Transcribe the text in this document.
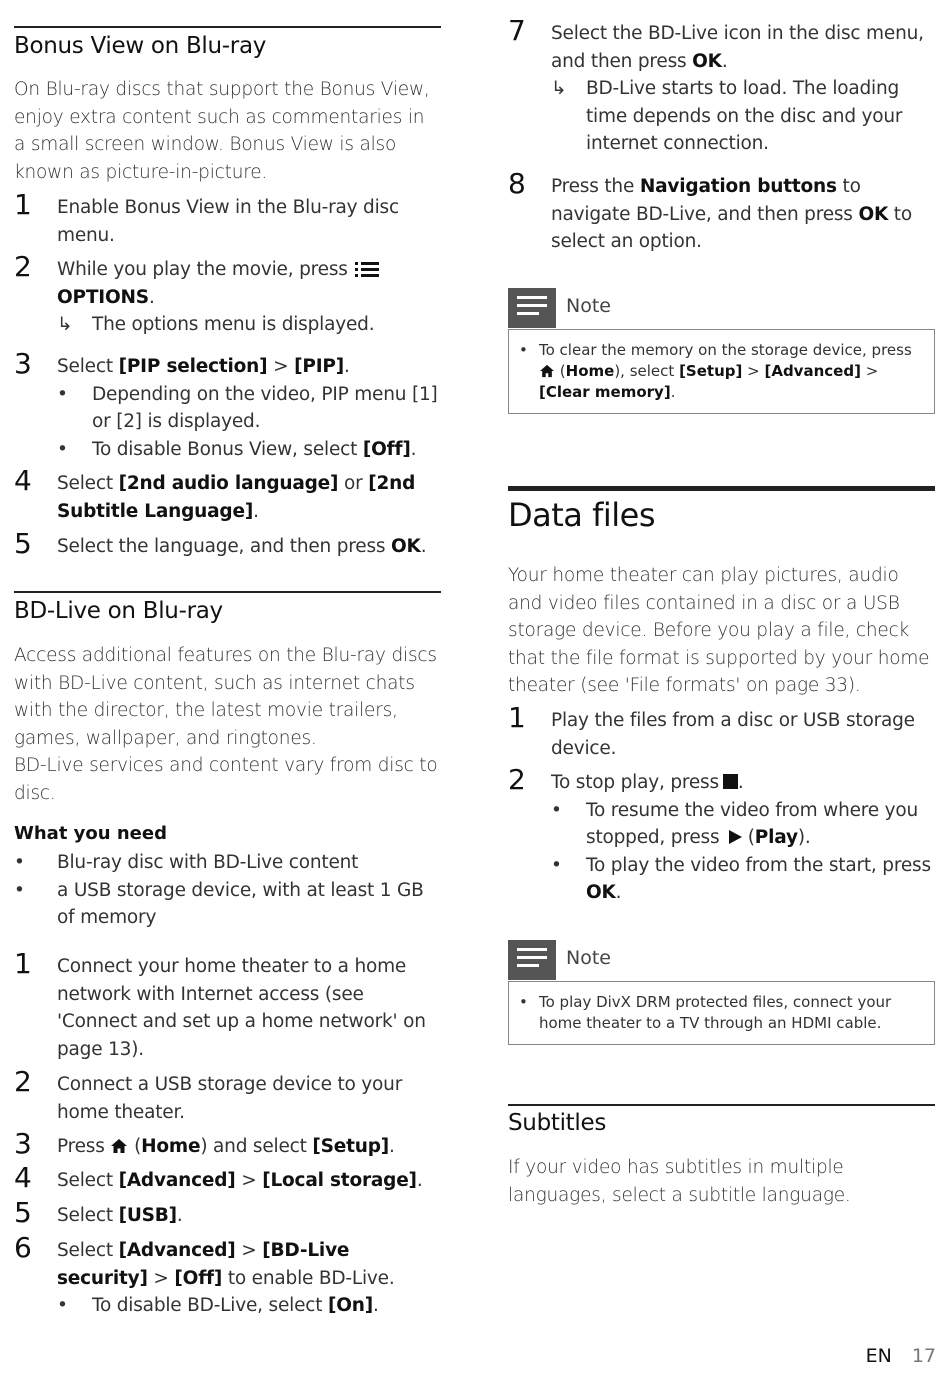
Bonus View on Blu-ray

On Blu-ray discs that support the Bonus View, enjoy extra content such as commentaries in a small screen window. Bonus View is also known as picture-in-picture.

1 Enable Bonus View in the Blu-ray disc menu.
2 While you play the movie, press

OPTIONS.
↳ The options menu is displayed.
3 Select [PIP selection] > [PIP].
• Depending on the video, PIP menu [1] or [2] is displayed.
• To disable Bonus View, select [Off].
4 Select [2nd audio language] or [2nd Subtitle Language].
5 Select the language, and then press OK.
BD-Live on Blu-ray

Access additional features on the Blu-ray discs with BD-Live content, such as internet chats with the director, the latest movie trailers, games, wallpaper, and ringtones.

BD-Live services and content vary from disc to disc.

What you need
• Blu-ray disc with BD-Live content
• a USB storage device, with at least 1 GB of memory
1 Connect your home theater to a home network with Internet access (see 'Connect and set up a home network' on page 13).
2 Connect a USB storage device to your home theater.
3 Press (Home) and select [Setup].
4 Select [Advanced] > [Local storage].
5 Select [USB].
6 Select [Advanced] > [BD-Live security] > [Off] to enable BD-Live.
• To disable BD-Live, select [On].
7 Select the BD-Live icon in the disc menu, and then press OK.
↳ BD-Live starts to load. The loading time depends on the disc and your internet connection.
8 Press the Navigation buttons to navigate BD-Live, and then press OK to select an option.
Note
• To clear the memory on the storage device, press
(Home), select [Setup] > [Advanced] > [Clear memory].
Data files

Your home theater can play pictures, audio and video files contained in a disc or a USB storage device. Before you play a file, check that the file format is supported by your home theater (see 'File formats' on page 33).

1 Play the files from a disc or USB storage device.
2 To stop play, press .
• To resume the video from where you stopped, press (Play).
• To play the video from the start, press OK.
Note
• To play DivX DRM protected files, connect your home theater to a TV through an HDMI cable.
Subtitles

If your video has subtitles in multiple languages, select a subtitle language.

EN 17
